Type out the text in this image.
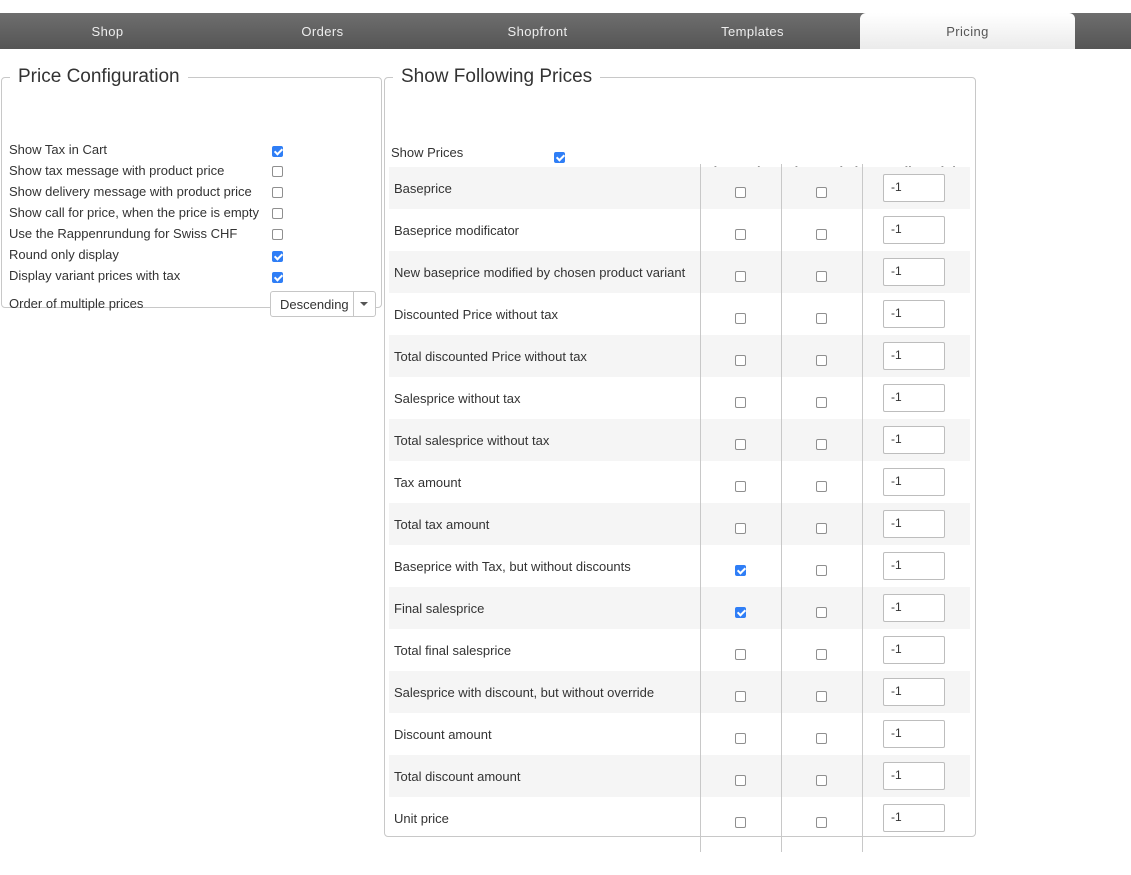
Shop	Orders	Shopfront	Templates	Pricing
Price Configuration
Show Tax in Cart
Show tax message with product price
Show delivery message with product price
Show call for price, when the price is empty
Use the Rappenrundung for Swiss CHF
Round only display
Display variant prices with tax
Order of multiple prices	Descending
Show Following Prices
Show Prices
Baseprice	-1
Baseprice modificator	-1
New baseprice modified by chosen product variant	-1
Discounted Price without tax	-1
Total discounted Price without tax	-1
Salesprice without tax	-1
Total salesprice without tax	-1
Tax amount	-1
Total tax amount	-1
Baseprice with Tax, but without discounts	-1
Final salesprice	-1
Total final salesprice	-1
Salesprice with discount, but without override	-1
Discount amount	-1
Total discount amount	-1
Unit price	-1
